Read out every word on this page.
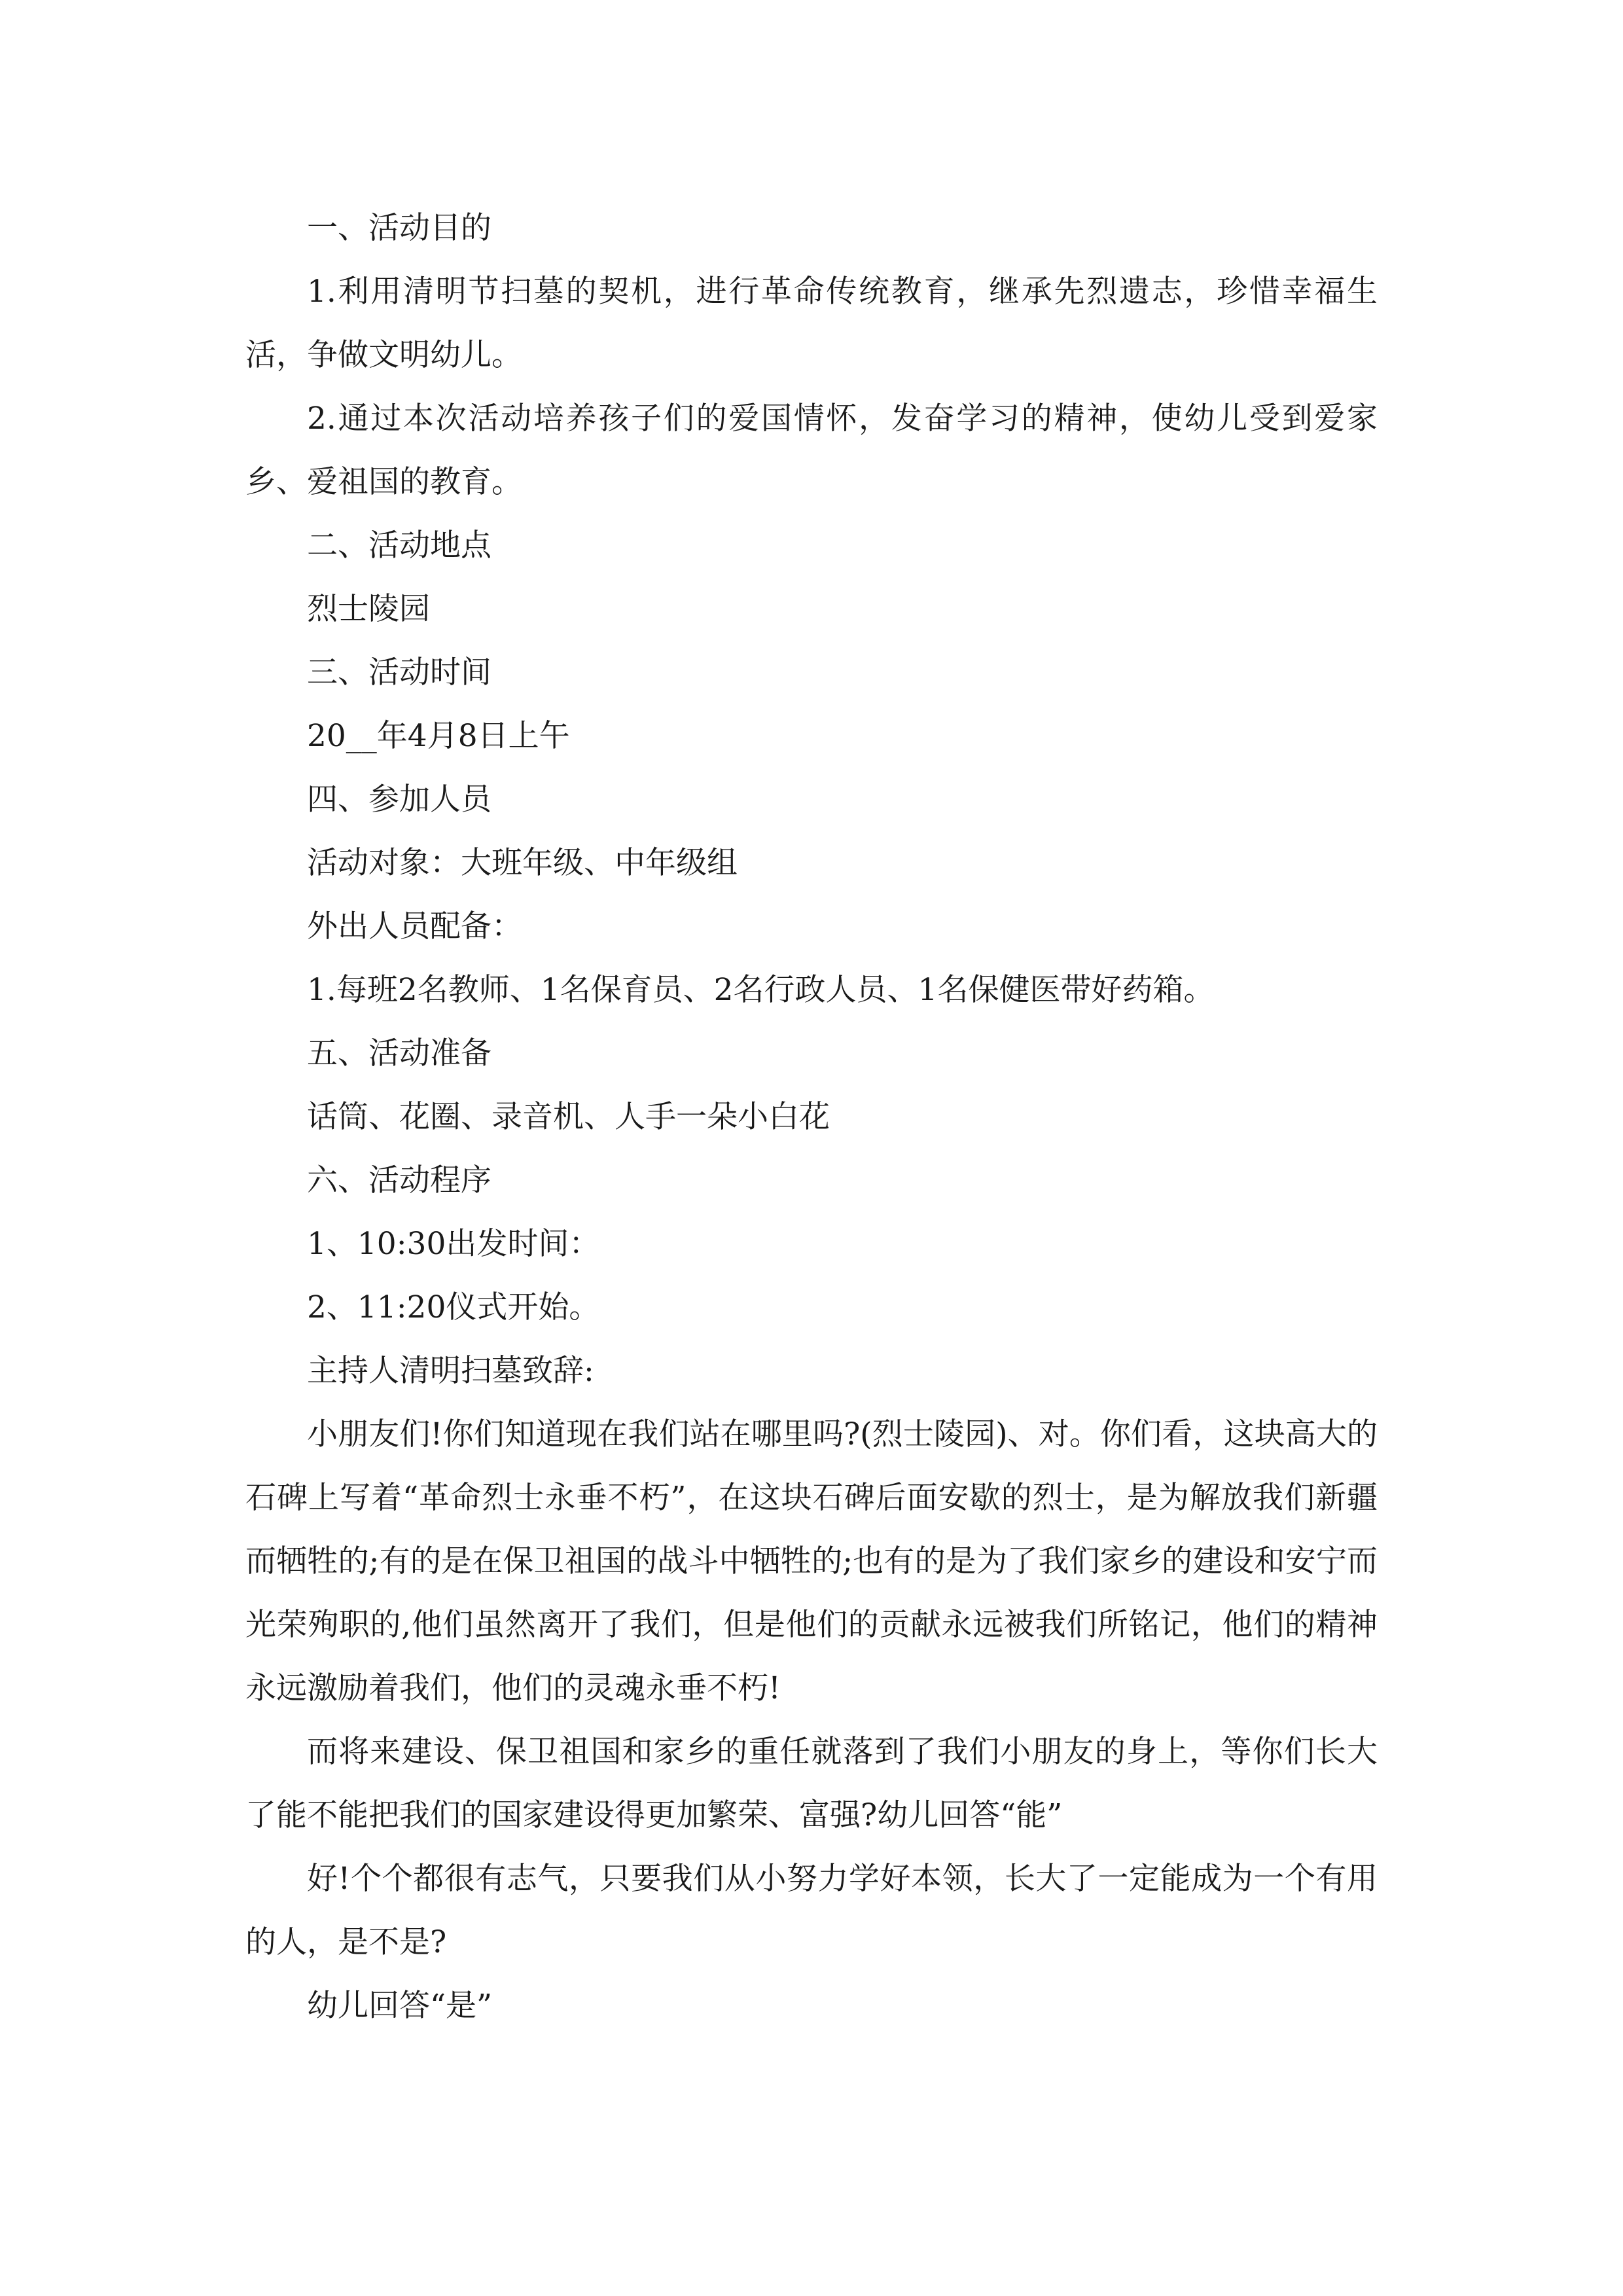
一、活动目的

1.利用清明节扫墓的契机，进行革命传统教育，继承先烈遗志，珍惜幸福生活，争做文明幼儿。

2.通过本次活动培养孩子们的爱国情怀，发奋学习的精神，使幼儿受到爱家乡、爱祖国的教育。

二、活动地点

烈士陵园

三、活动时间

20__年4月8日上午

四、参加人员

活动对象：大班年级、中年级组

外出人员配备：

1.每班2名教师、1名保育员、2名行政人员、1名保健医带好药箱。

五、活动准备

话筒、花圈、录音机、人手一朵小白花

六、活动程序

1、10:30出发时间：

2、11:20仪式开始。

主持人清明扫墓致辞:

小朋友们!你们知道现在我们站在哪里吗?(烈士陵园)、对。你们看，这块高大的石碑上写着“革命烈士永垂不朽”，在这块石碑后面安歇的烈士，是为解放我们新疆而牺牲的;有的是在保卫祖国的战斗中牺牲的;也有的是为了我们家乡的建设和安宁而光荣殉职的,他们虽然离开了我们，但是他们的贡献永远被我们所铭记，他们的精神永远激励着我们，他们的灵魂永垂不朽!

而将来建设、保卫祖国和家乡的重任就落到了我们小朋友的身上，等你们长大了能不能把我们的国家建设得更加繁荣、富强?幼儿回答“能”

好!个个都很有志气，只要我们从小努力学好本领，长大了一定能成为一个有用的人，是不是?

幼儿回答“是”
